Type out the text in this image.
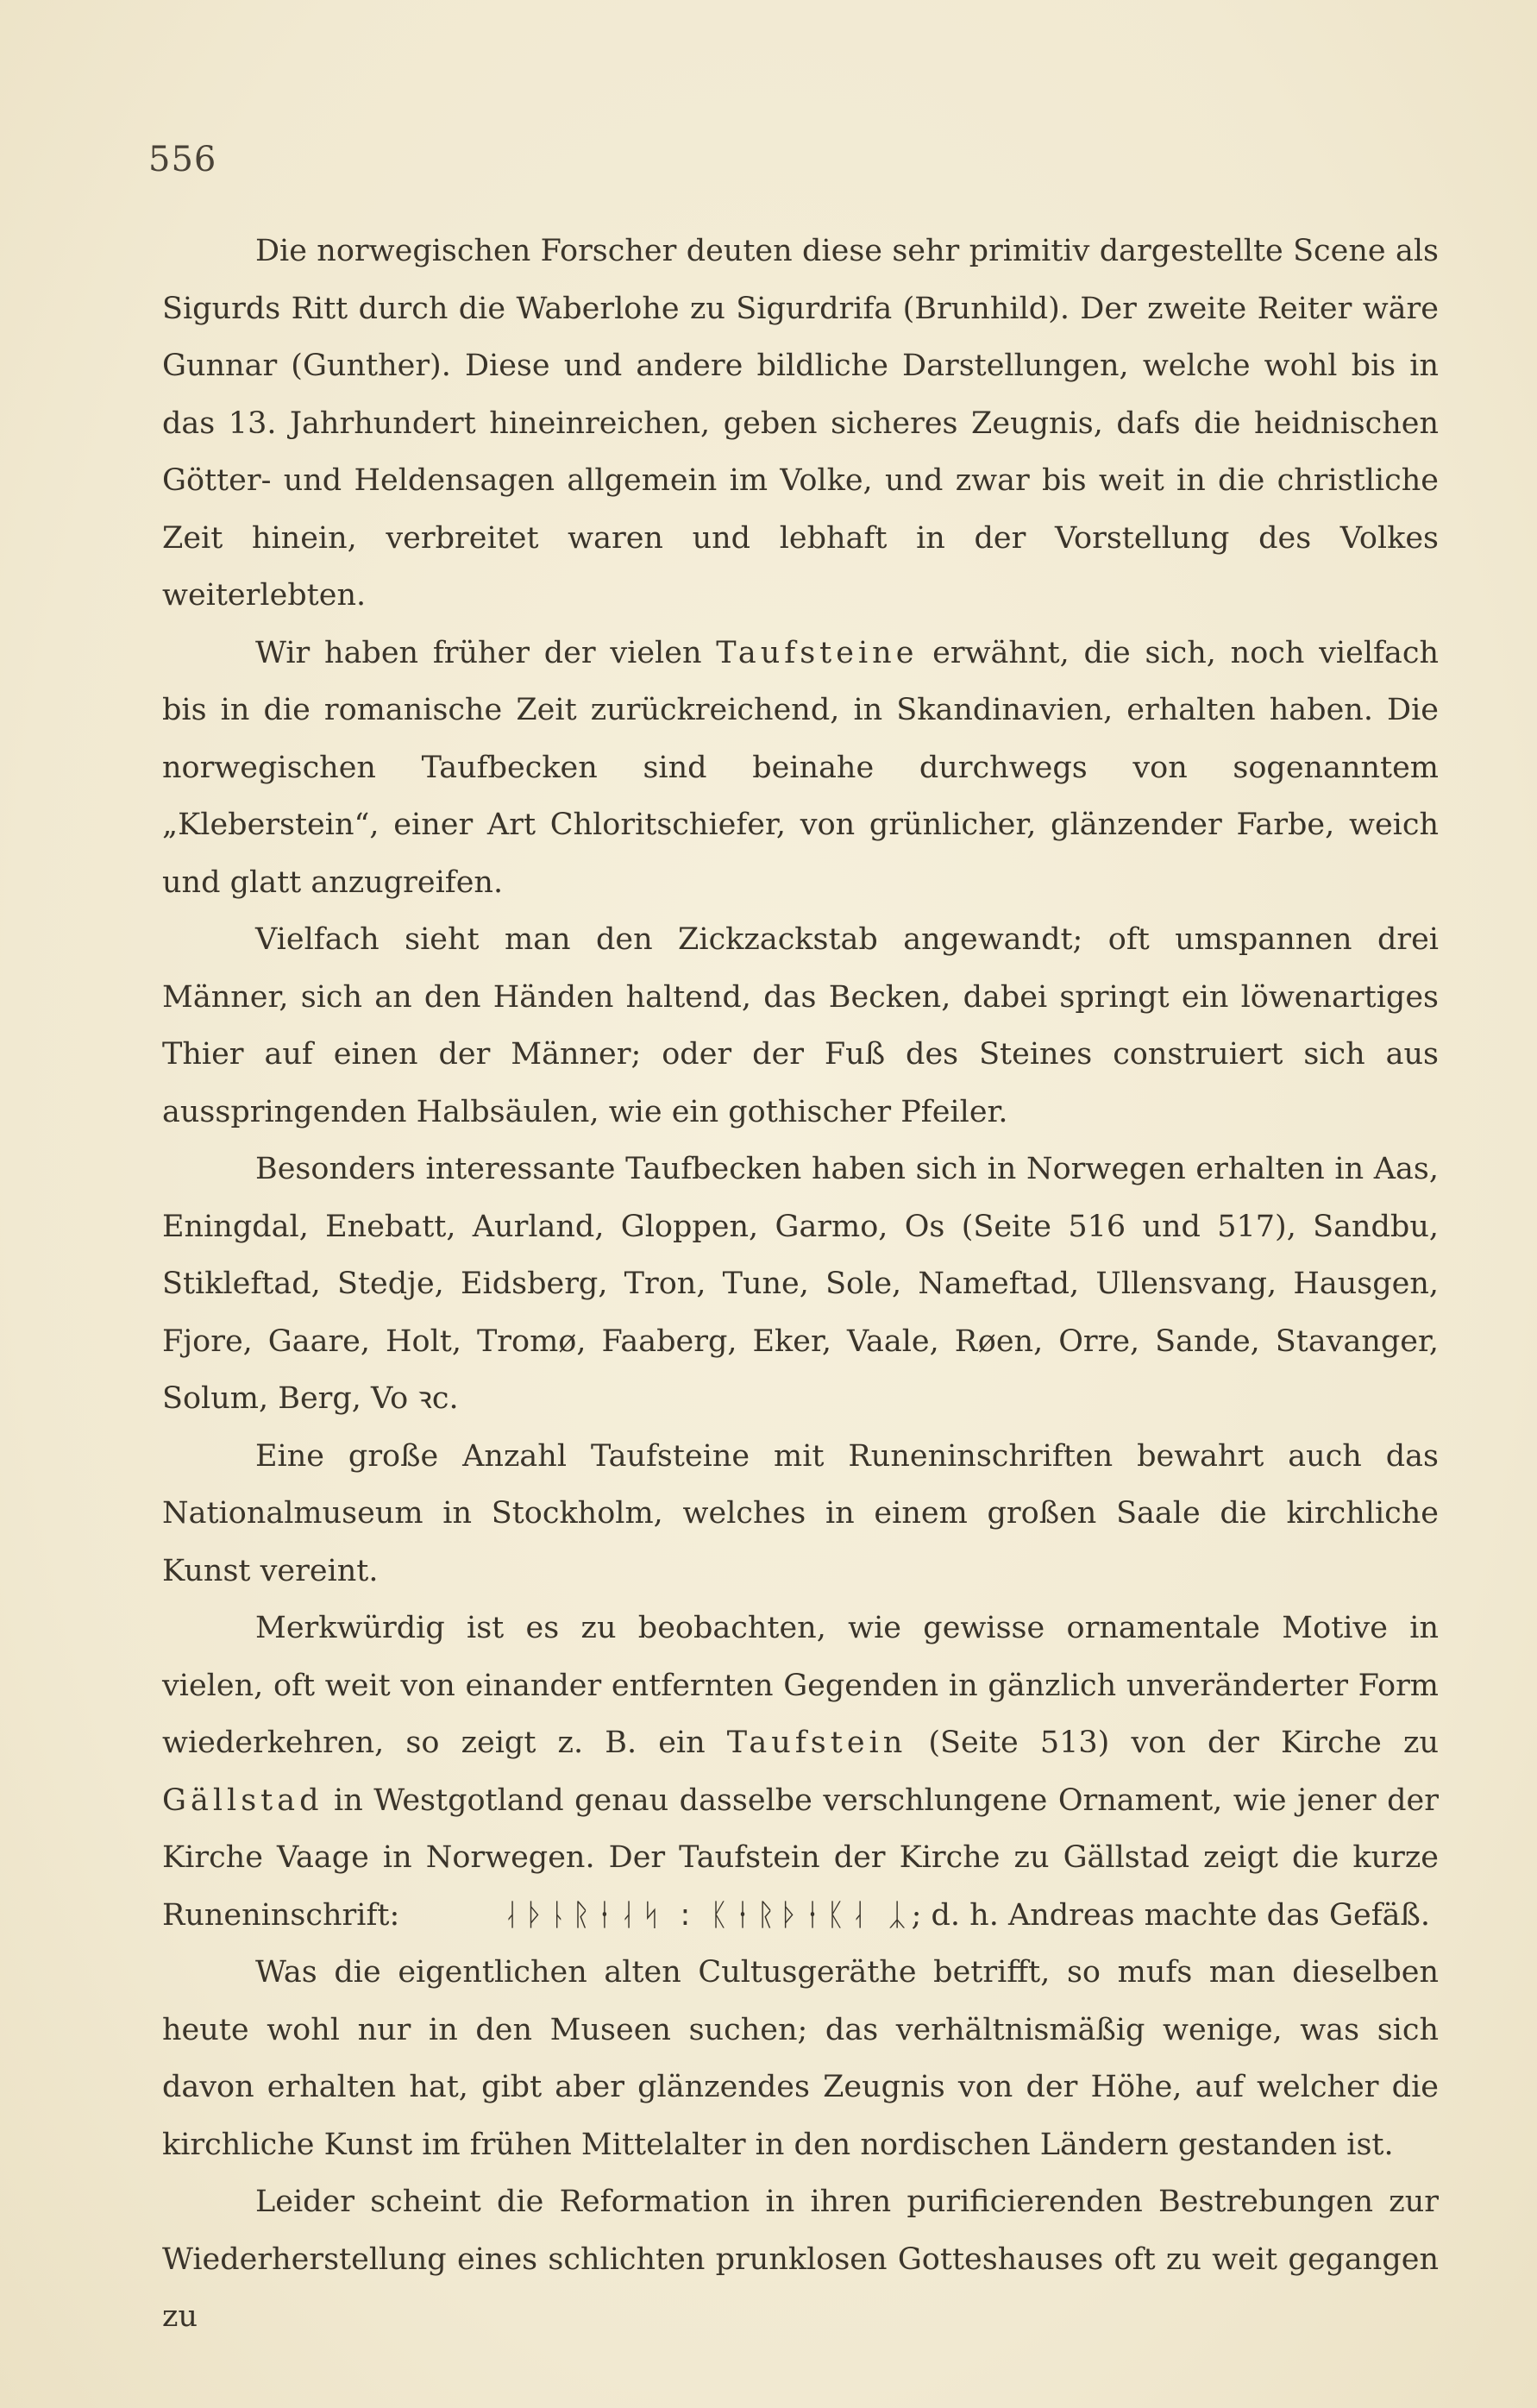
556

Die norwegischen Forscher deuten diese sehr primitiv dargestellte Scene als Sigurds Ritt durch die Waberlohe zu Sigurdrifa (Brunhild). Der zweite Reiter wäre Gunnar (Gunther). Diese und andere bildliche Darstellungen, welche wohl bis in das 13. Jahrhundert hineinreichen, geben sicheres Zeugnis, dafs die heidnischen Götter- und Heldensagen allgemein im Volke, und zwar bis weit in die christliche Zeit hinein, verbreitet waren und lebhaft in der Vorstellung des Volkes weiterlebten.

Wir haben früher der vielen Taufsteine erwähnt, die sich, noch vielfach bis in die romanische Zeit zurückreichend, in Skandinavien, erhalten haben. Die norwegischen Taufbecken sind beinahe durchwegs von sogenanntem „Kleberstein“, einer Art Chloritschiefer, von grünlicher, glänzender Farbe, weich und glatt anzugreifen.

Vielfach sieht man den Zickzackstab angewandt; oft umspannen drei Männer, sich an den Händen haltend, das Becken, dabei springt ein löwenartiges Thier auf einen der Männer; oder der Fuß des Steines construiert sich aus ausspringenden Halbsäulen, wie ein gothischer Pfeiler.

Besonders interessante Taufbecken haben sich in Norwegen erhalten in Aas, Eningdal, Enebatt, Aurland, Gloppen, Garmo, Os (Seite 516 und 517), Sandbu, Stikleftad, Stedje, Eidsberg, Tron, Tune, Sole, Nameftad, Ullensvang, Hausgen, Fjore, Gaare, Holt, Tromø, Faaberg, Eker, Vaale, Røen, Orre, Sande, Stavanger, Solum, Berg, Vo ꝛc.

Eine große Anzahl Taufsteine mit Runeninschriften bewahrt auch das Nationalmuseum in Stockholm, welches in einem großen Saale die kirchliche Kunst vereint.

Merkwürdig ist es zu beobachten, wie gewisse ornamentale Motive in vielen, oft weit von einander entfernten Gegenden in gänzlich unveränderter Form wiederkehren, so zeigt z. B. ein Taufstein (Seite 513) von der Kirche zu Gällstad in Westgotland genau dasselbe verschlungene Ornament, wie jener der Kirche Vaage in Norwegen. Der Taufstein der Kirche zu Gällstad zeigt die kurze Runeninschrift:	ᛆᚦᚿᚱᚽᛆᛋ : ᛕᛂᚱᚦᛂᛕᛆ ᛣ; d. h. Andreas machte das Gefäß.

Was die eigentlichen alten Cultusgeräthe betrifft, so mufs man dieselben heute wohl nur in den Museen suchen; das verhältnismäßig wenige, was sich davon erhalten hat, gibt aber glänzendes Zeugnis von der Höhe, auf welcher die kirchliche Kunst im frühen Mittelalter in den nordischen Ländern gestanden ist.

Leider scheint die Reformation in ihren purificierenden Bestrebungen zur Wiederherstellung eines schlichten prunklosen Gotteshauses oft zu weit gegangen zu
